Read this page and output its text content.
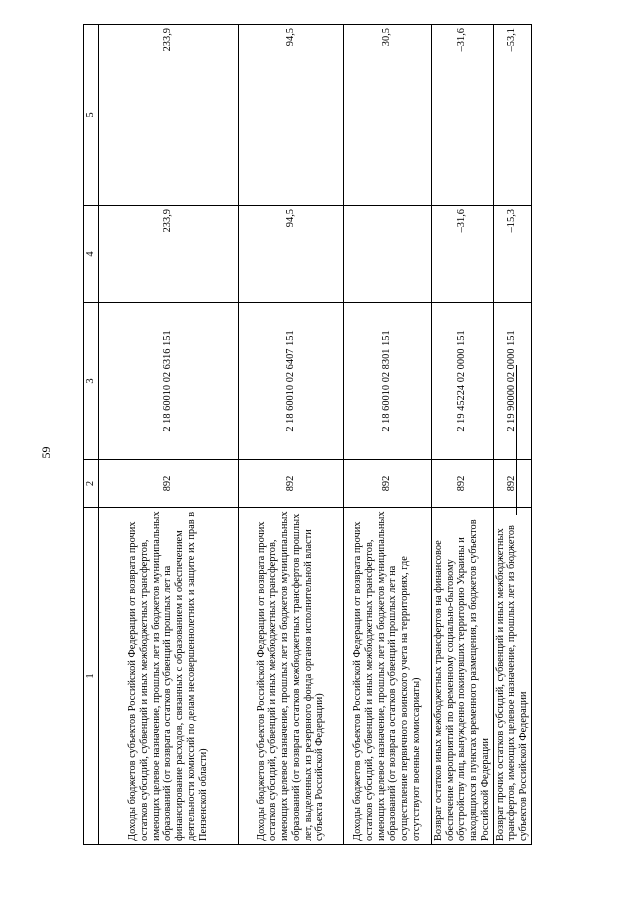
59
1	2	3	4	5
Доходы бюджетов субъектов Российской Федерации от возврата прочих остатков субсидий, субвенций и иных межбюджетных трансфертов, имеющих целевое назначение, прошлых лет из бюджетов муниципальных образований (от возврата остатков субвенций прошлых лет на финансирование расходов, связанных с образованием и обеспечением деятельности комиссий по делам несовершеннолетних и защите их прав в Пензенской области)	892	2 18 60010 02 6316 151	233,9	233,9
Доходы бюджетов субъектов Российской Федерации от возврата прочих остатков субсидий, субвенций и иных межбюджетных трансфертов, имеющих целевое назначение, прошлых лет из бюджетов муниципальных образований (от возврата остатков межбюджетных трансфертов прошлых лет, выделенных из резервного фонда органов исполнительной власти субъекта Российской Федерации)	892	2 18 60010 02 6407 151	94,5	94,5
Доходы бюджетов субъектов Российской Федерации от возврата прочих остатков субсидий, субвенций и иных межбюджетных трансфертов, имеющих целевое назначение, прошлых лет из бюджетов муниципальных образований (от возврата остатков субвенций прошлых лет на осуществление первичного воинского учета на территориях, где отсутствуют военные комиссариаты)	892	2 18 60010 02 8301 151		30,5
Возврат остатков иных межбюджетных трансфертов на финансовое обеспечение мероприятий по временному социально-бытовому обустройству лиц, вынужденно покинувших территорию Украины и находящихся в пунктах временного размещения, из бюджетов субъектов Российской Федерации	892	2 19 45224 02 0000 151	–31,6	–31,6
Возврат прочих остатков субсидий, субвенций и иных межбюджетных трансфертов, имеющих целевое назначение, прошлых лет из бюджетов субъектов Российской Федерации	892	2 19 90000 02 0000 151	–15,3	–53,1
